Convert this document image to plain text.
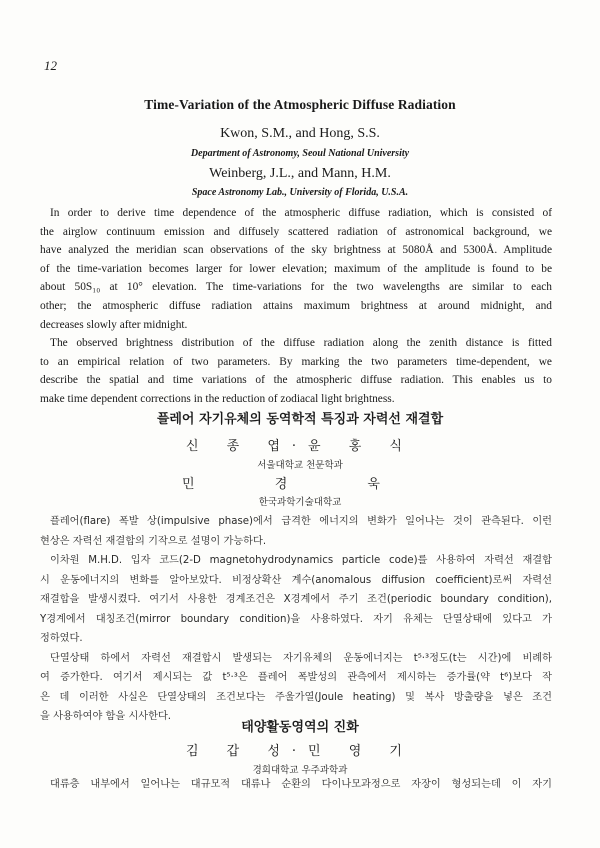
12
Time-Variation of the Atmospheric Diffuse Radiation
Kwon, S.M., and Hong, S.S.
Department of Astronomy, Seoul National University
Weinberg, J.L., and Mann, H.M.
Space Astronomy Lab., University of Florida, U.S.A.
In order to derive time dependence of the atmospheric diffuse radiation, which is consisted of
the airglow continuum emission and diffusely scattered radiation of astronomical background, we
have analyzed the meridian scan observations of the sky brightness at 5080Å and 5300Å. Amplitude
of the time-variation becomes larger for lower elevation; maximum of the amplitude is found to be
about 50S₁₀ at 10° elevation. The time-variations for the two wavelengths are similar to each
other; the atmospheric diffuse radiation attains maximum brightness at around midnight, and
decreases slowly after midnight.
The observed brightness distribution of the diffuse radiation along the zenith distance is fitted
to an empirical relation of two parameters. By marking the two parameters time-dependent, we
describe the spatial and time variations of the atmospheric diffuse radiation. This enables us to
make time dependent corrections in the reduction of zodiacal light brightness.
플레어 자기유체의 동역학적 특징과 자력선 재결합
신 종 엽·윤 홍 식
서울대학교 천문학과
민 경 욱
한국과학기술대학교
플레어(flare) 폭발 상(impulsive phase)에서 급격한 에너지의 변화가 일어나는 것이 관측된다. 이런
현상은 자력선 재결합의 기작으로 설명이 가능하다.
이차원 M.H.D. 입자 코드(2-D magnetohydrodynamics particle code)를 사용하여 자력선 재결합
시 운동에너지의 변화를 알아보았다. 비정상확산 계수(anomalous diffusion coefficient)로써 자력선
재결합을 발생시켰다. 여기서 사용한 경계조건은 X경계에서 주기 조건(periodic boundary condition),
Y경계에서 대칭조건(mirror boundary condition)을 사용하였다. 자기 유체는 단열상태에 있다고 가
정하였다.
단열상태 하에서 자력선 재결합시 발생되는 자기유체의 운동에너지는 t⁵·³정도(t는 시간)에 비례하
여 증가한다. 여기서 제시되는 값 t⁵·³은 플레어 폭발성의 관측에서 제시하는 증가률(약 t⁶)보다 작
은 데 이러한 사실은 단열상태의 조건보다는 주울가열(Joule heating) 및 복사 방출량을 넣은 조건
을 사용하여야 함을 시사한다.
태양활동영역의 진화
김 갑 성·민 영 기
경희대학교 우주과학과
대류층 내부에서 일어나는 대규모적 대류나 순환의 다이나모과정으로 자장이 형성되는데 이 자기
